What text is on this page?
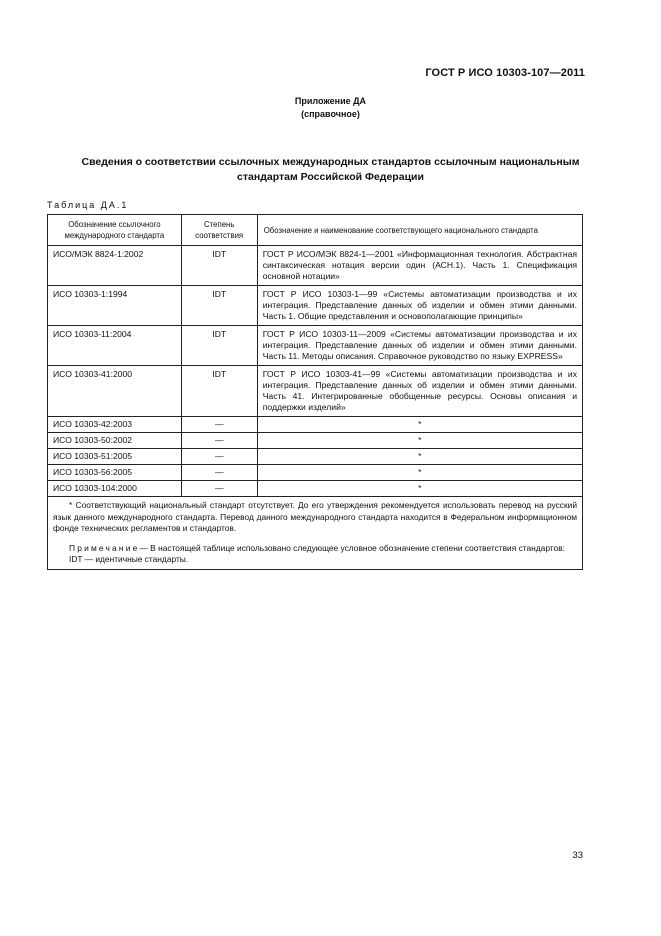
ГОСТ Р ИСО 10303-107—2011
Приложение ДА
(справочное)
Сведения о соответствии ссылочных международных стандартов ссылочным национальным
стандартам Российской Федерации
Таблица ДА.1
Обозначение ссылочного международного стандарта	Степень соответствия	Обозначение и наименование соответствующего национального стандарта
ИСО/МЭК 8824-1:2002	IDT	ГОСТ Р ИСО/МЭК 8824-1—2001 «Информационная технология. Абстрактная синтаксическая нотация версии один (АСН.1). Часть 1. Спецификация основной нотации»
ИСО 10303-1:1994	IDT	ГОСТ Р ИСО 10303-1—99 «Системы автоматизации производства и их интеграция. Представление данных об изделии и обмен этими данными. Часть 1. Общие представления и основополагающие принципы»
ИСО 10303-11:2004	IDT	ГОСТ Р ИСО 10303-11—2009 «Системы автоматизации производства и их интеграция. Представление данных об изделии и обмен этими данными. Часть 11. Методы описания. Справочное руководство по языку EXPRESS»
ИСО 10303-41:2000	IDT	ГОСТ Р ИСО 10303-41—99 «Системы автоматизации производства и их интеграция. Представление данных об изделии и обмен этими данными. Часть 41. Интегрированные обобщенные ресурсы. Основы описания и поддержки изделий»
ИСО 10303-42:2003	—	*
ИСО 10303-50:2002	—	*
ИСО 10303-51:2005	—	*
ИСО 10303-56:2005	—	*
ИСО 10303-104:2000	—	*

* Соответствующий национальный стандарт отсутствует. До его утверждения рекомендуется использовать перевод на русский язык данного международного стандарта. Перевод данного международного стандарта находится в Федеральном информационном фонде технических регламентов и стандартов.
Примечание— В настоящей таблице использовано следующее условное обозначение степени соответствия стандартов:
IDT — идентичные стандарты.		
33
